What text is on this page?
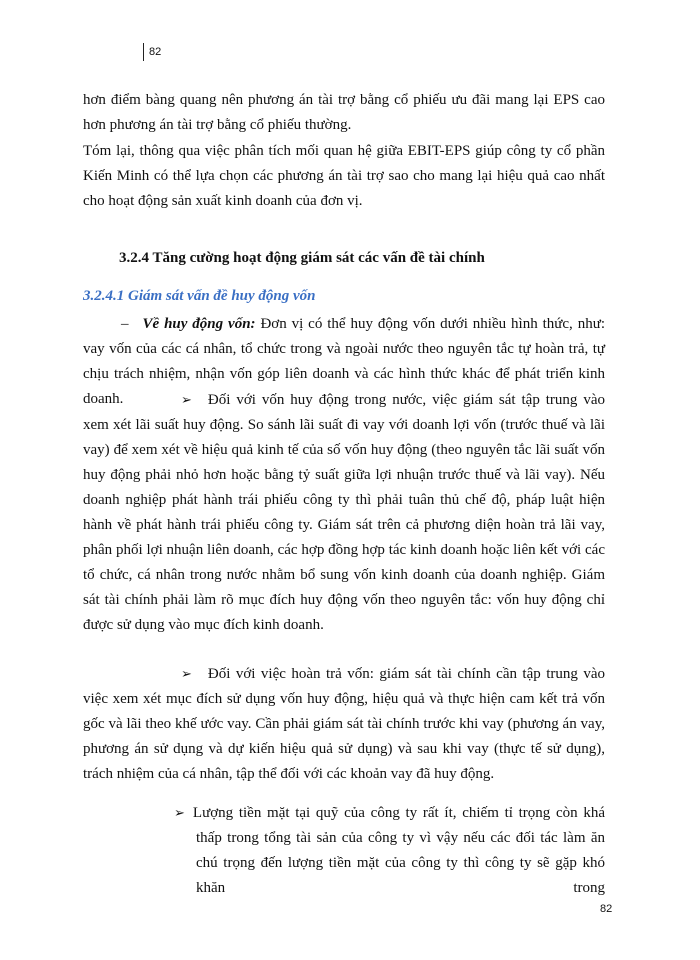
82

hơn điểm bàng quang nên phương án tài trợ bằng cổ phiếu ưu đãi mang lại EPS cao hơn phương án tài trợ bằng cổ phiếu thường.

Tóm lại, thông qua việc phân tích mối quan hệ giữa EBIT-EPS giúp công ty cổ phần Kiến Minh có thể lựa chọn các phương án tài trợ sao cho mang lại hiệu quả cao nhất cho hoạt động sản xuất kinh doanh của đơn vị.

3.2.4 Tăng cường hoạt động giám sát các vấn đề tài chính
3.2.4.1 Giám sát vấn đề huy động vốn

– Về huy động vốn: Đơn vị có thể huy động vốn dưới nhiều hình thức, như: vay vốn của các cá nhân, tổ chức trong và ngoài nước theo nguyên tắc tự hoàn trả, tự chịu trách nhiệm, nhận vốn góp liên doanh và các hình thức khác để phát triển kinh doanh.	➢ Đối với vốn huy động trong nước, việc giám sát tập trung vào xem xét lãi suất huy động. So sánh lãi suất đi vay với doanh lợi vốn (trước thuế và lãi vay) để xem xét về hiệu quả kinh tế của số vốn huy động (theo nguyên tắc lãi suất vốn huy động phải nhỏ hơn hoặc bằng tỷ suất giữa lợi nhuận trước thuế và lãi vay). Nếu doanh nghiệp phát hành trái phiếu công ty thì phải tuân thủ chế độ, pháp luật hiện hành về phát hành trái phiếu công ty. Giám sát trên cả phương diện hoàn trả lãi vay, phân phối lợi nhuận liên doanh, các hợp đồng hợp tác kinh doanh hoặc liên kết với các tổ chức, cá nhân trong nước nhằm bổ sung vốn kinh doanh của doanh nghiệp. Giám sát tài chính phải làm rõ mục đích huy động vốn theo nguyên tắc: vốn huy động chỉ được sử dụng vào mục đích kinh doanh.

➢ Đối với việc hoàn trả vốn: giám sát tài chính cần tập trung vào việc xem xét mục đích sử dụng vốn huy động, hiệu quả và thực hiện cam kết trả vốn gốc và lãi theo khế ước vay. Cần phải giám sát tài chính trước khi vay (phương án vay, phương án sử dụng và dự kiến hiệu quả sử dụng) và sau khi vay (thực tế sử dụng), trách nhiệm của cá nhân, tập thể đối với các khoản vay đã huy động.

➢ Lượng tiền mặt tại quỹ của công ty rất ít, chiếm tỉ trọng còn khá thấp trong tổng tài sản của công ty vì vậy nếu các đối tác làm ăn chú trọng đến lượng tiền mặt của công ty thì công ty sẽ gặp khó khăn trong

82
